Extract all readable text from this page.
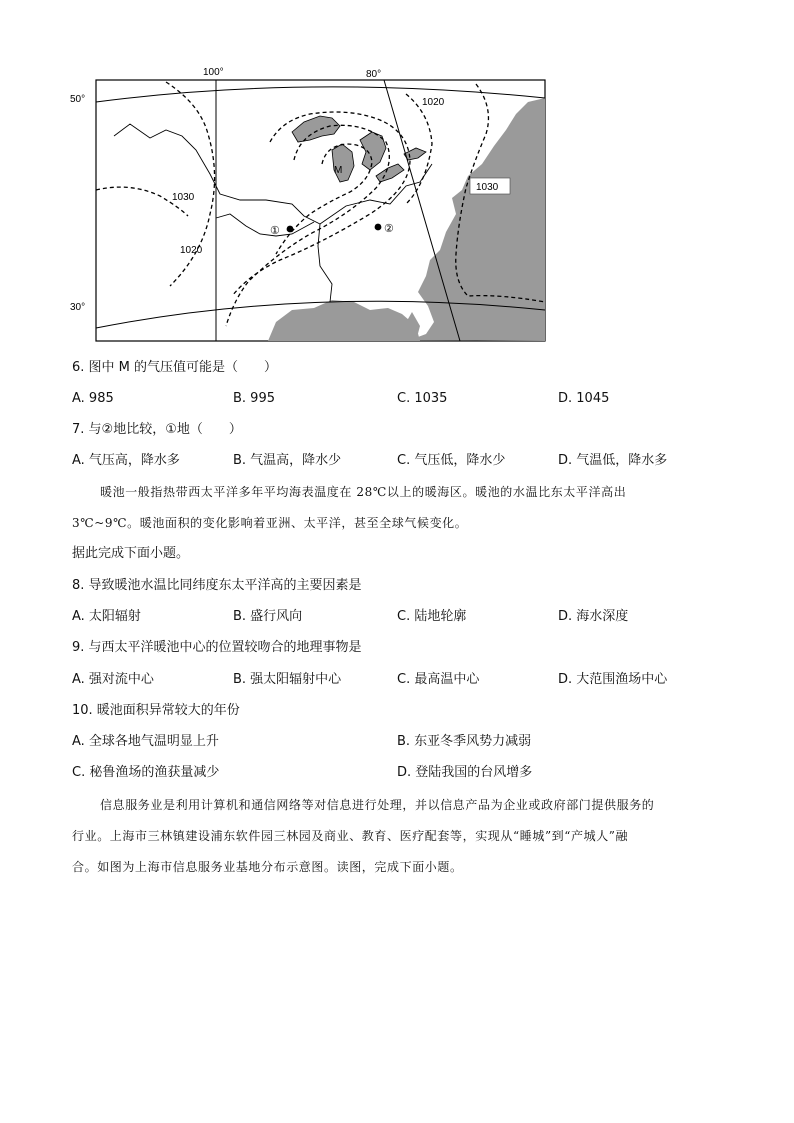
100°	80°
50°
30°
1020
1030
1020
1030
M
①	②
6. 图中 M 的气压值可能是（　　）
A. 985	B. 995	C. 1035	D. 1045
7. 与②地比较，①地（　　）
A. 气压高，降水多	B. 气温高，降水少	C. 气压低，降水少	D. 气温低，降水多
暖池一般指热带西太平洋多年平均海表温度在 28℃以上的暖海区。暖池的水温比东太平洋高出
3℃~9℃。暖池面积的变化影响着亚洲、太平洋，甚至全球气候变化。
据此完成下面小题。
8. 导致暖池水温比同纬度东太平洋高的主要因素是
A. 太阳辐射	B. 盛行风向	C. 陆地轮廓	D. 海水深度
9. 与西太平洋暖池中心的位置较吻合的地理事物是
A. 强对流中心	B. 强太阳辐射中心	C. 最高温中心	D. 大范围渔场中心
10. 暖池面积异常较大的年份
A. 全球各地气温明显上升	B. 东亚冬季风势力减弱
C. 秘鲁渔场的渔获量减少	D. 登陆我国的台风增多
信息服务业是利用计算机和通信网络等对信息进行处理，并以信息产品为企业或政府部门提供服务的
行业。上海市三林镇建设浦东软件园三林园及商业、教育、医疗配套等，实现从“睡城”到“产城人”融
合。如图为上海市信息服务业基地分布示意图。读图，完成下面小题。
